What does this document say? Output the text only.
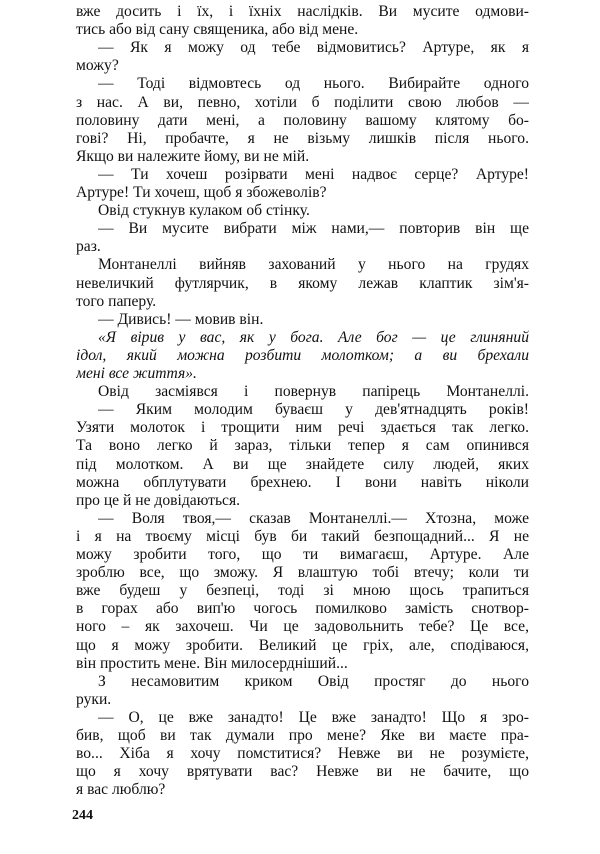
вже досить і їх, і їхніх наслідків. Ви мусите одмови-
тись або від сану священика, або від мене.
— Як я можу од тебе відмовитись? Артуре, як я
можу?
— Тоді відмовтесь од нього. Вибирайте одного
з нас. А ви, певно, хотіли б поділити свою любов —
половину дати мені, а половину вашому клятому бо-
гові? Ні, пробачте, я не візьму лишків після нього.
Якщо ви належите йому, ви не мій.
— Ти хочеш розірвати мені надвоє серце? Артуре!
Артуре! Ти хочеш, щоб я збожеволів?
Овід стукнув кулаком об стінку.
— Ви мусите вибрати між нами,— повторив він ще
раз.
Монтанеллі вийняв захований у нього на грудях
невеличкий футлярчик, в якому лежав клаптик зім'я-
того паперу.
— Дивись! — мовив він.
«Я вірив у вас, як у бога. Але бог — це глиняний
ідол, який можна розбити молотком; а ви брехали
мені все життя».
Овід засміявся і повернув папірець Монтанеллі.
— Яким молодим буваєш у дев'ятнадцять років!
Узяти молоток і трощити ним речі здається так легко.
Та воно легко й зараз, тільки тепер я сам опинився
під молотком. А ви ще знайдете силу людей, яких
можна обплутувати брехнею. І вони навіть ніколи
про це й не довідаються.
— Воля твоя,— сказав Монтанеллі.— Хтозна, може
і я на твоєму місці був би такий безпощадний... Я не
можу зробити того, що ти вимагаєш, Артуре. Але
зроблю все, що зможу. Я влаштую тобі втечу; коли ти
вже будеш у безпеці, тоді зі мною щось трапиться
в горах або вип'ю чогось помилково замість снотвор-
ного – як захочеш. Чи це задовольнить тебе? Це все,
що я можу зробити. Великий це гріх, але, сподіваюся,
він простить мене. Він милосердніший...
З несамовитим криком Овід простяг до нього
руки.
— О, це вже занадто! Це вже занадто! Що я зро-
бив, щоб ви так думали про мене? Яке ви маєте пра-
во... Хіба я хочу помститися? Невже ви не розумієте,
що я хочу врятувати вас? Невже ви не бачите, що
я вас люблю?
244
